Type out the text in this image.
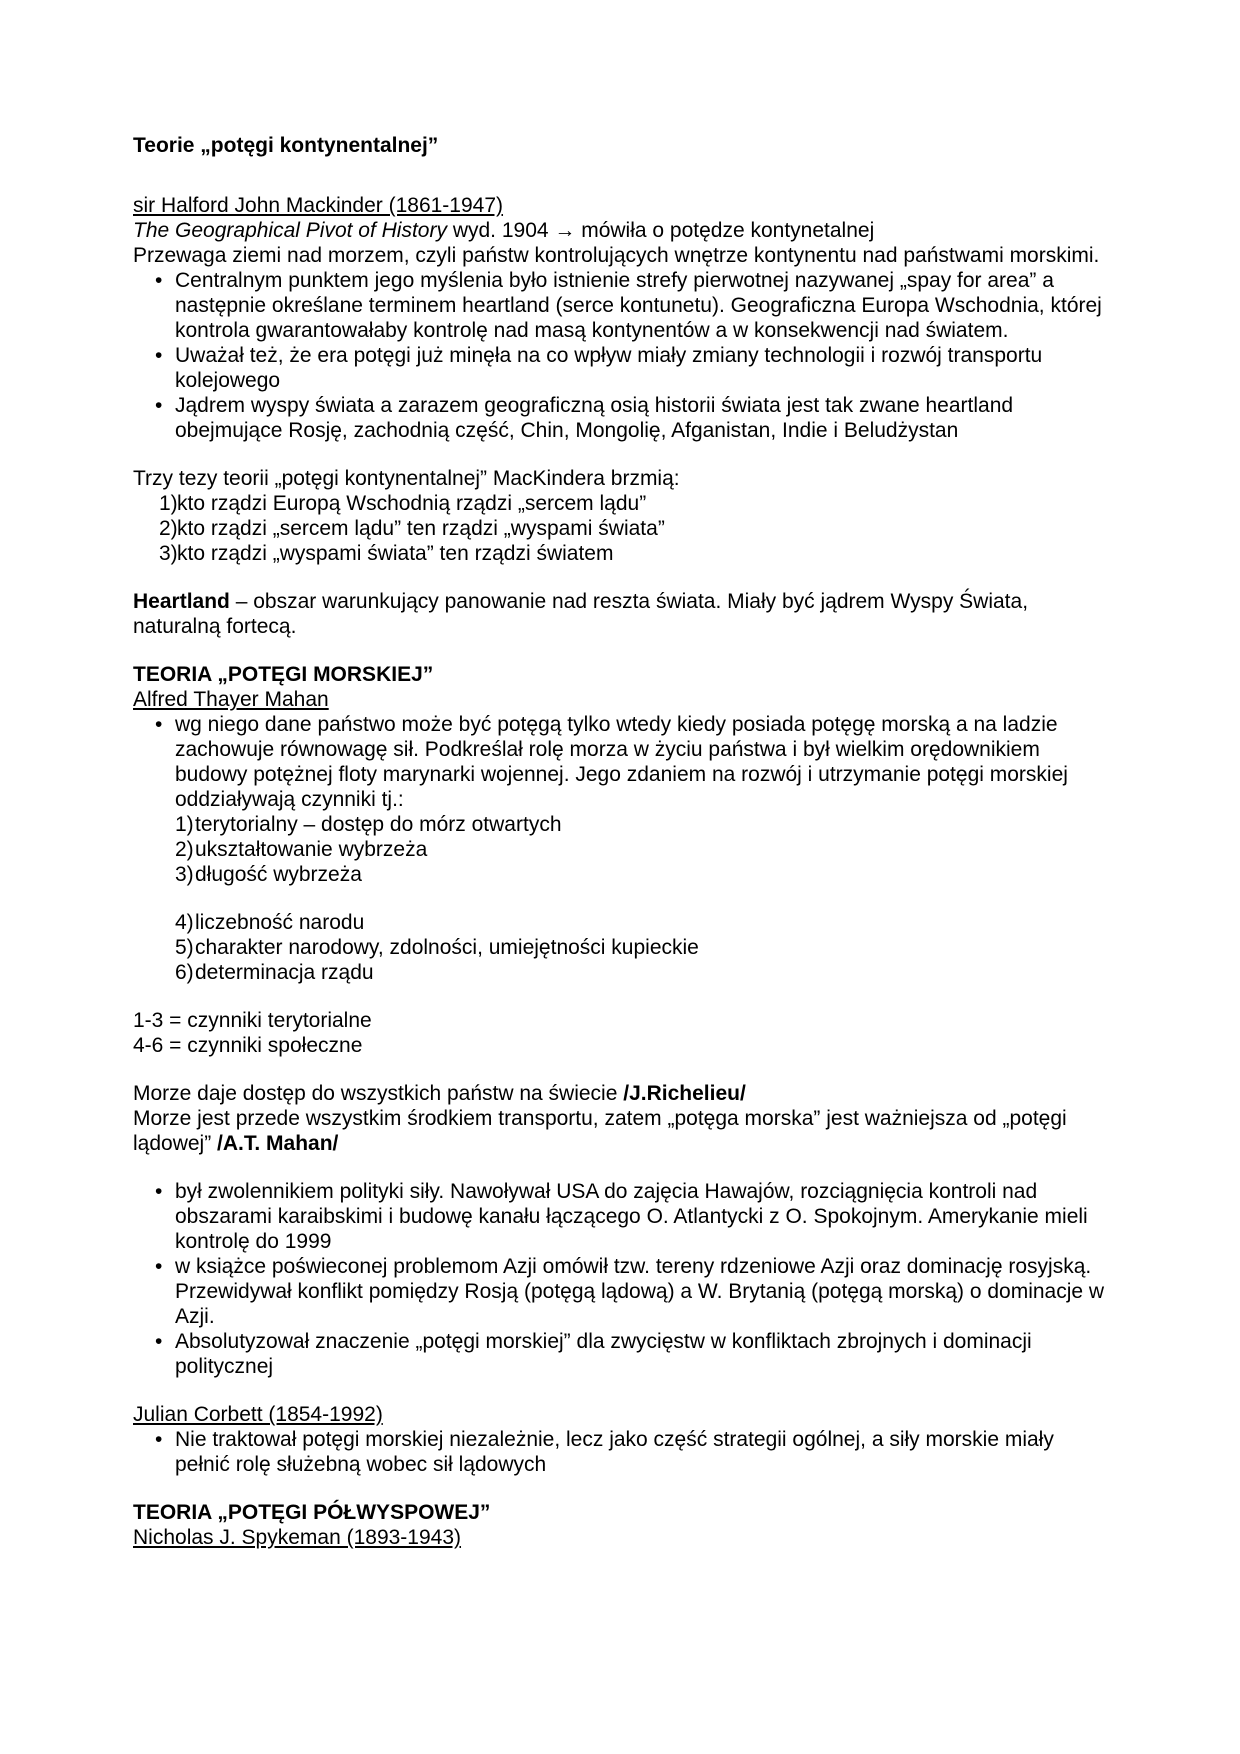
Teorie „potęgi kontynentalnej”

sir Halford John Mackinder (1861-1947)

The Geographical Pivot of History wyd. 1904 → mówiła o potędze kontynetalnej

Przewaga ziemi nad morzem, czyli państw kontrolujących wnętrze kontynentu nad państwami morskimi.

• Centralnym punktem jego myślenia było istnienie strefy pierwotnej nazywanej „spay for area” a następnie określane terminem heartland (serce kontunetu). Geograficzna Europa Wschodnia, której kontrola gwarantowałaby kontrolę nad masą kontynentów a w konsekwencji nad światem.
• Uważał też, że era potęgi już minęła na co wpływ miały zmiany technologii i rozwój transportu kolejowego
• Jądrem wyspy świata a zarazem geograficzną osią historii świata jest tak zwane heartland obejmujące Rosję, zachodnią część, Chin, Mongolię, Afganistan, Indie i Beludżystan

Trzy tezy teorii „potęgi kontynentalnej” MacKindera brzmią:

1) kto rządzi Europą Wschodnią rządzi „sercem lądu”
2) kto rządzi „sercem lądu” ten rządzi „wyspami świata”
3) kto rządzi „wyspami świata” ten rządzi światem

Heartland – obszar warunkujący panowanie nad reszta świata. Miały być jądrem Wyspy Świata, naturalną fortecą.

TEORIA „POTĘGI MORSKIEJ”

Alfred Thayer Mahan

• wg niego dane państwo może być potęgą tylko wtedy kiedy posiada potęgę morską a na ladzie zachowuje równowagę sił. Podkreślał rolę morza w życiu państwa i był wielkim orędownikiem budowy potężnej floty marynarki wojennej. Jego zdaniem na rozwój i utrzymanie potęgi morskiej oddziaływają czynniki tj.:
1) terytorialny – dostęp do mórz otwartych
2) ukształtowanie wybrzeża
3) długość wybrzeża
4) liczebność narodu
5) charakter narodowy, zdolności, umiejętności kupieckie
6) determinacja rządu

1-3 = czynniki terytorialne

4-6 = czynniki społeczne

Morze daje dostęp do wszystkich państw na świecie /J.Richelieu/

Morze jest przede wszystkim środkiem transportu, zatem „potęga morska” jest ważniejsza od „potęgi lądowej” /A.T. Mahan/

• był zwolennikiem polityki siły. Nawoływał USA do zajęcia Hawajów, rozciągnięcia kontroli nad obszarami karaibskimi i budowę kanału łączącego O. Atlantycki z O. Spokojnym. Amerykanie mieli kontrolę do 1999
• w książce poświeconej problemom Azji omówił tzw. tereny rdzeniowe Azji oraz dominację rosyjską. Przewidywał konflikt pomiędzy Rosją (potęgą lądową) a W. Brytanią (potęgą morską) o dominacje w Azji.
• Absolutyzował znaczenie „potęgi morskiej” dla zwycięstw w konfliktach zbrojnych i dominacji politycznej

Julian Corbett (1854-1992)

• Nie traktował potęgi morskiej niezależnie, lecz jako część strategii ogólnej, a siły morskie miały pełnić rolę służebną wobec sił lądowych

TEORIA „POTĘGI PÓŁWYSPOWEJ”

Nicholas J. Spykeman (1893-1943)
